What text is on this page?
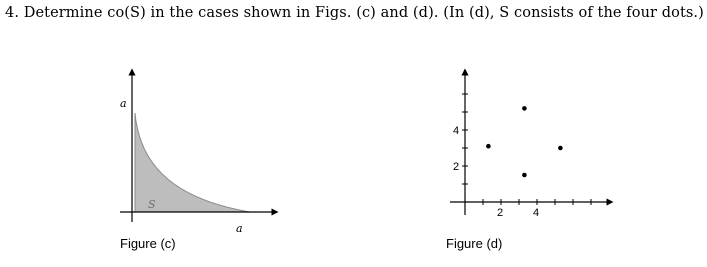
4. Determine co(S) in the cases shown in Figs. (c) and (d). (In (d), S consists of the four dots.)
a
a
S
Figure (c)
2	4
2
4
Figure (d)
